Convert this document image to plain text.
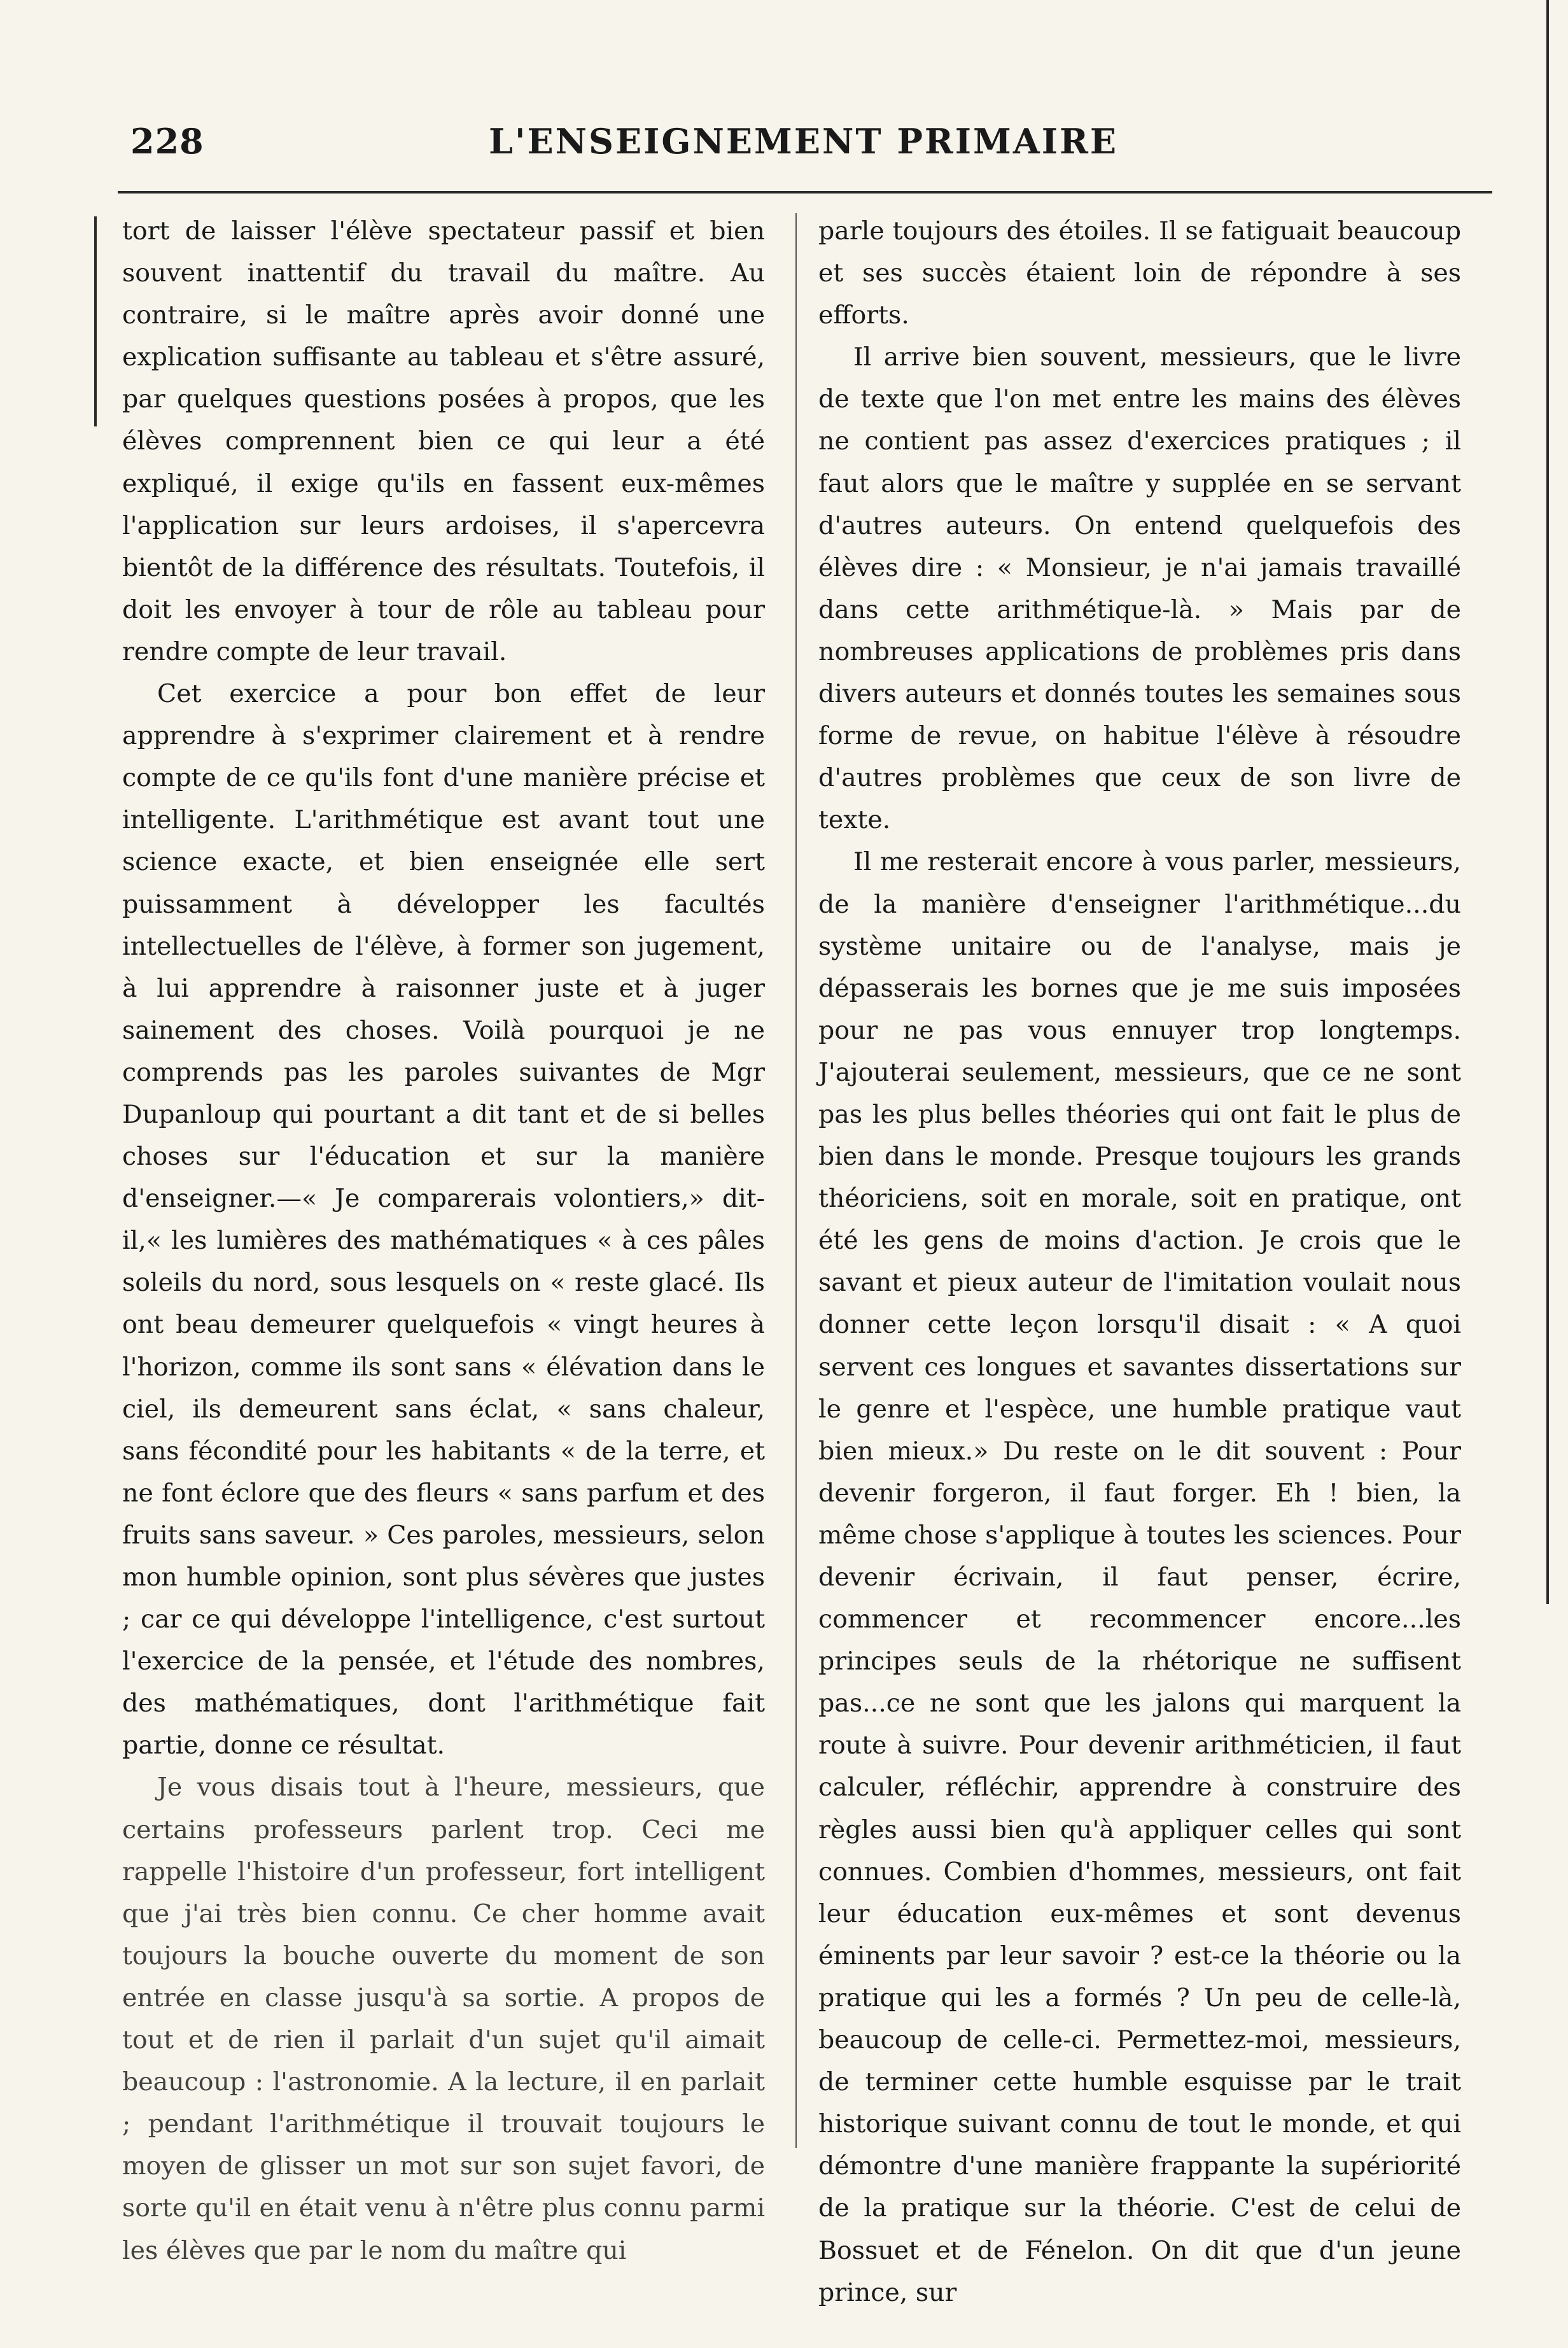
228	L'ENSEIGNEMENT PRIMAIRE

tort de laisser l'élève spectateur passif et bien souvent inattentif du travail du maître. Au contraire, si le maître après avoir donné une explication suffisante au tableau et s'être assuré, par quelques questions posées à propos, que les élèves comprennent bien ce qui leur a été expliqué, il exige qu'ils en fassent eux-mêmes l'application sur leurs ardoises, il s'apercevra bientôt de la différence des résultats. Toutefois, il doit les envoyer à tour de rôle au tableau pour rendre compte de leur travail.

Cet exercice a pour bon effet de leur apprendre à s'exprimer clairement et à rendre compte de ce qu'ils font d'une manière précise et intelligente. L'arithmétique est avant tout une science exacte, et bien enseignée elle sert puissamment à développer les facultés intellectuelles de l'élève, à former son jugement, à lui apprendre à raisonner juste et à juger sainement des choses. Voilà pourquoi je ne comprends pas les paroles suivantes de Mgr Dupanloup qui pourtant a dit tant et de si belles choses sur l'éducation et sur la manière d'enseigner.—« Je comparerais volontiers,» dit-il,« les lumières des mathématiques « à ces pâles soleils du nord, sous lesquels on « reste glacé. Ils ont beau demeurer quelquefois « vingt heures à l'horizon, comme ils sont sans « élévation dans le ciel, ils demeurent sans éclat, « sans chaleur, sans fécondité pour les habitants « de la terre, et ne font éclore que des fleurs « sans parfum et des fruits sans saveur. » Ces paroles, messieurs, selon mon humble opinion, sont plus sévères que justes ; car ce qui développe l'intelligence, c'est surtout l'exercice de la pensée, et l'étude des nombres, des mathématiques, dont l'arithmétique fait partie, donne ce résultat.

Je vous disais tout à l'heure, messieurs, que certains professeurs parlent trop. Ceci me rappelle l'histoire d'un professeur, fort intelligent que j'ai très bien connu. Ce cher homme avait toujours la bouche ouverte du moment de son entrée en classe jusqu'à sa sortie. A propos de tout et de rien il parlait d'un sujet qu'il aimait beaucoup : l'astronomie. A la lecture, il en parlait ; pendant l'arithmétique il trouvait toujours le moyen de glisser un mot sur son sujet favori, de sorte qu'il en était venu à n'être plus connu parmi les élèves que par le nom du maître qui

parle toujours des étoiles. Il se fatiguait beaucoup et ses succès étaient loin de répondre à ses efforts.

Il arrive bien souvent, messieurs, que le livre de texte que l'on met entre les mains des élèves ne contient pas assez d'exercices pratiques ; il faut alors que le maître y supplée en se servant d'autres auteurs. On entend quelquefois des élèves dire : « Monsieur, je n'ai jamais travaillé dans cette arithmétique-là. » Mais par de nombreuses applications de problèmes pris dans divers auteurs et donnés toutes les semaines sous forme de revue, on habitue l'élève à résoudre d'autres problèmes que ceux de son livre de texte.

Il me resterait encore à vous parler, messieurs, de la manière d'enseigner l'arithmétique...du système unitaire ou de l'analyse, mais je dépasserais les bornes que je me suis imposées pour ne pas vous ennuyer trop longtemps. J'ajouterai seulement, messieurs, que ce ne sont pas les plus belles théories qui ont fait le plus de bien dans le monde. Presque toujours les grands théoriciens, soit en morale, soit en pratique, ont été les gens de moins d'action. Je crois que le savant et pieux auteur de l'imitation voulait nous donner cette leçon lorsqu'il disait : « A quoi servent ces longues et savantes dissertations sur le genre et l'espèce, une humble pratique vaut bien mieux.» Du reste on le dit souvent : Pour devenir forgeron, il faut forger. Eh ! bien, la même chose s'applique à toutes les sciences. Pour devenir écrivain, il faut penser, écrire, commencer et recommencer encore...les principes seuls de la rhétorique ne suffisent pas...ce ne sont que les jalons qui marquent la route à suivre. Pour devenir arithméticien, il faut calculer, réfléchir, apprendre à construire des règles aussi bien qu'à appliquer celles qui sont connues. Combien d'hommes, messieurs, ont fait leur éducation eux-mêmes et sont devenus éminents par leur savoir ? est-ce la théorie ou la pratique qui les a formés ? Un peu de celle-là, beaucoup de celle-ci. Permettez-moi, messieurs, de terminer cette humble esquisse par le trait historique suivant connu de tout le monde, et qui démontre d'une manière frappante la supériorité de la pratique sur la théorie. C'est de celui de Bossuet et de Fénelon. On dit que d'un jeune prince, sur
